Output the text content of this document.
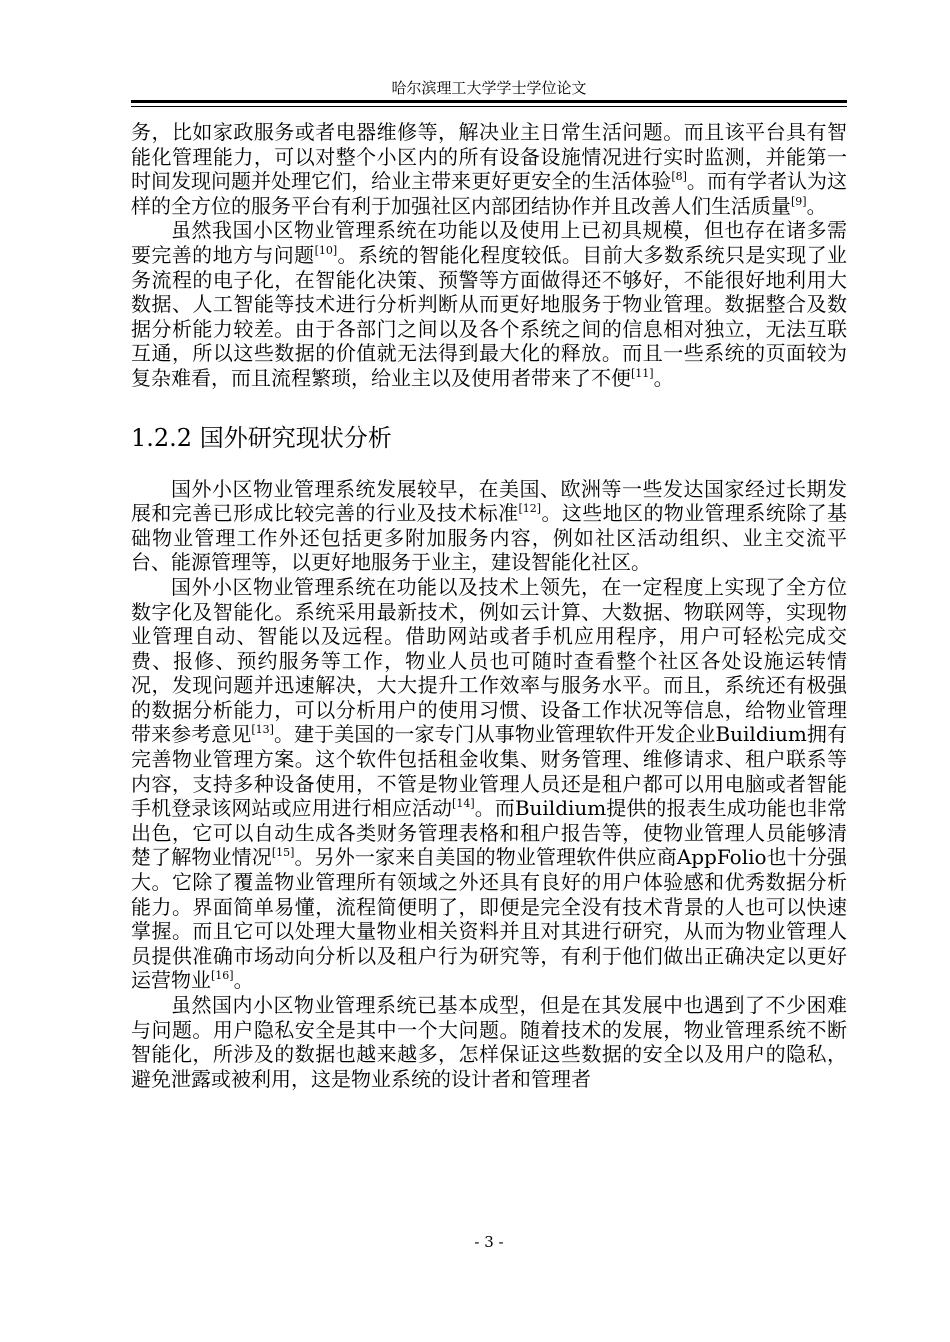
哈尔滨理工大学学士学位论文

务，比如家政服务或者电器维修等，解决业主日常生活问题。而且该平台具有智能化管理能力，可以对整个小区内的所有设备设施情况进行实时监测，并能第一时间发现问题并处理它们，给业主带来更好更安全的生活体验[8]。而有学者认为这样的全方位的服务平台有利于加强社区内部团结协作并且改善人们生活质量[9]。

虽然我国小区物业管理系统在功能以及使用上已初具规模，但也存在诸多需要完善的地方与问题[10]。系统的智能化程度较低。目前大多数系统只是实现了业务流程的电子化，在智能化决策、预警等方面做得还不够好，不能很好地利用大数据、人工智能等技术进行分析判断从而更好地服务于物业管理。数据整合及数据分析能力较差。由于各部门之间以及各个系统之间的信息相对独立，无法互联互通，所以这些数据的价值就无法得到最大化的释放。而且一些系统的页面较为复杂难看，而且流程繁琐，给业主以及使用者带来了不便[11]。

1.2.2 国外研究现状分析

国外小区物业管理系统发展较早，在美国、欧洲等一些发达国家经过长期发展和完善已形成比较完善的行业及技术标准[12]。这些地区的物业管理系统除了基础物业管理工作外还包括更多附加服务内容，例如社区活动组织、业主交流平台、能源管理等，以更好地服务于业主，建设智能化社区。

国外小区物业管理系统在功能以及技术上领先，在一定程度上实现了全方位数字化及智能化。系统采用最新技术，例如云计算、大数据、物联网等，实现物业管理自动、智能以及远程。借助网站或者手机应用程序，用户可轻松完成交费、报修、预约服务等工作，物业人员也可随时查看整个社区各处设施运转情况，发现问题并迅速解决，大大提升工作效率与服务水平。而且，系统还有极强的数据分析能力，可以分析用户的使用习惯、设备工作状况等信息，给物业管理带来参考意见[13]。建于美国的一家专门从事物业管理软件开发企业Buildium拥有完善物业管理方案。这个软件包括租金收集、财务管理、维修请求、租户联系等内容，支持多种设备使用，不管是物业管理人员还是租户都可以用电脑或者智能手机登录该网站或应用进行相应活动[14]。而Buildium提供的报表生成功能也非常出色，它可以自动生成各类财务管理表格和租户报告等，使物业管理人员能够清楚了解物业情况[15]。另外一家来自美国的物业管理软件供应商AppFolio也十分强大。它除了覆盖物业管理所有领域之外还具有良好的用户体验感和优秀数据分析能力。界面简单易懂，流程简便明了，即便是完全没有技术背景的人也可以快速掌握。而且它可以处理大量物业相关资料并且对其进行研究，从而为物业管理人员提供准确市场动向分析以及租户行为研究等，有利于他们做出正确决定以更好运营物业[16]。

虽然国内小区物业管理系统已基本成型，但是在其发展中也遇到了不少困难与问题。用户隐私安全是其中一个大问题。随着技术的发展，物业管理系统不断智能化，所涉及的数据也越来越多，怎样保证这些数据的安全以及用户的隐私，避免泄露或被利用，这是物业系统的设计者和管理者

- 3 -
